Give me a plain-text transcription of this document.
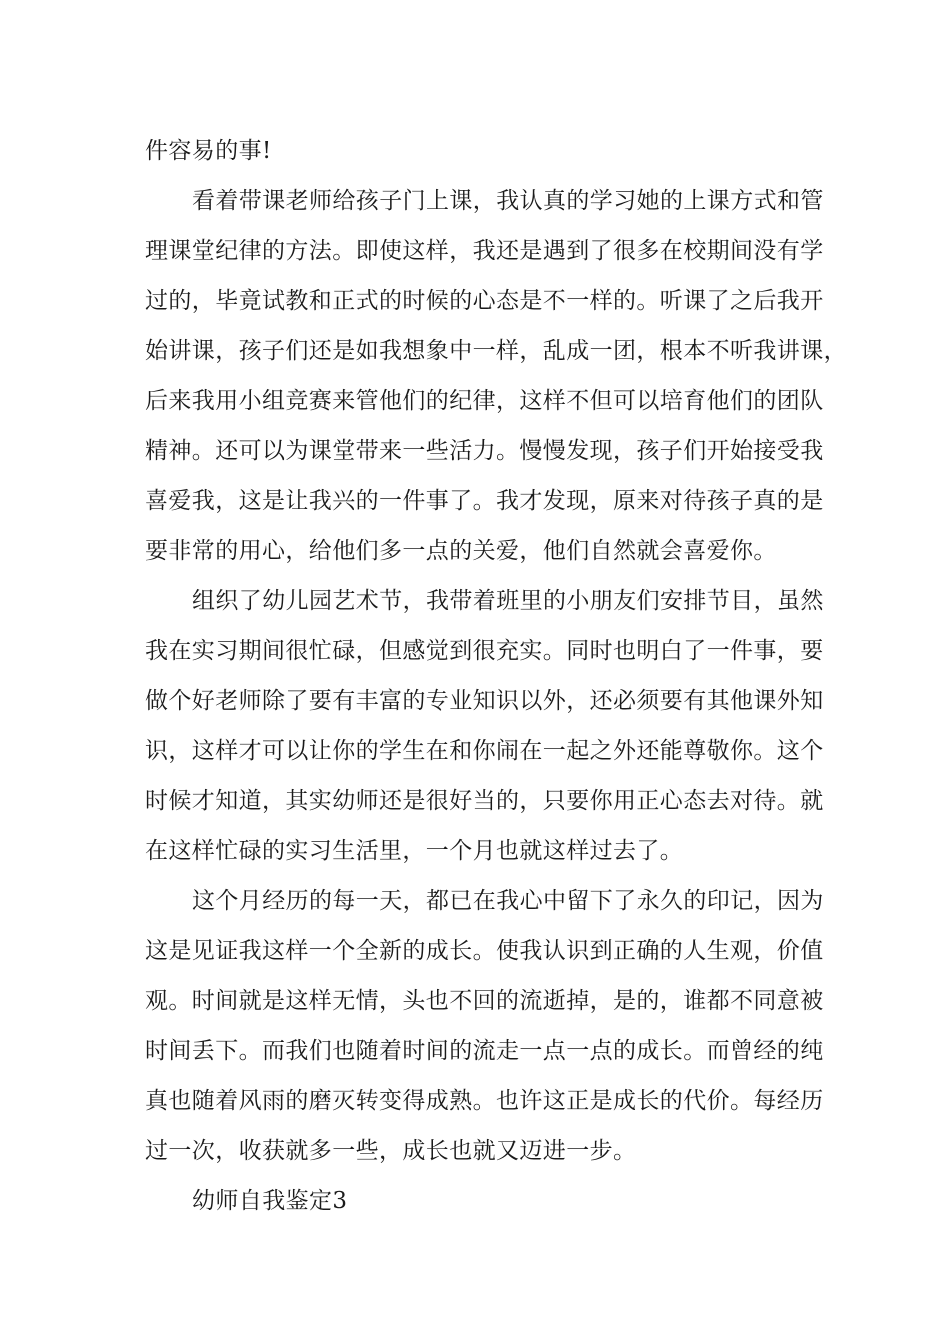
件容易的事!
看着带课老师给孩子门上课，我认真的学习她的上课方式和管
理课堂纪律的方法。即使这样，我还是遇到了很多在校期间没有学
过的，毕竟试教和正式的时候的心态是不一样的。听课了之后我开
始讲课，孩子们还是如我想象中一样，乱成一团，根本不听我讲课，
后来我用小组竞赛来管他们的纪律，这样不但可以培育他们的团队
精神。还可以为课堂带来一些活力。慢慢发现，孩子们开始接受我
喜爱我，这是让我兴的一件事了。我才发现，原来对待孩子真的是
要非常的用心，给他们多一点的关爱，他们自然就会喜爱你。
组织了幼儿园艺术节，我带着班里的小朋友们安排节目，虽然
我在实习期间很忙碌，但感觉到很充实。同时也明白了一件事，要
做个好老师除了要有丰富的专业知识以外，还必须要有其他课外知
识，这样才可以让你的学生在和你闹在一起之外还能尊敬你。这个
时候才知道，其实幼师还是很好当的，只要你用正心态去对待。就
在这样忙碌的实习生活里，一个月也就这样过去了。
这个月经历的每一天，都已在我心中留下了永久的印记，因为
这是见证我这样一个全新的成长。使我认识到正确的人生观，价值
观。时间就是这样无情，头也不回的流逝掉，是的，谁都不同意被
时间丢下。而我们也随着时间的流走一点一点的成长。而曾经的纯
真也随着风雨的磨灭转变得成熟。也许这正是成长的代价。每经历
过一次，收获就多一些，成长也就又迈进一步。
幼师自我鉴定3
